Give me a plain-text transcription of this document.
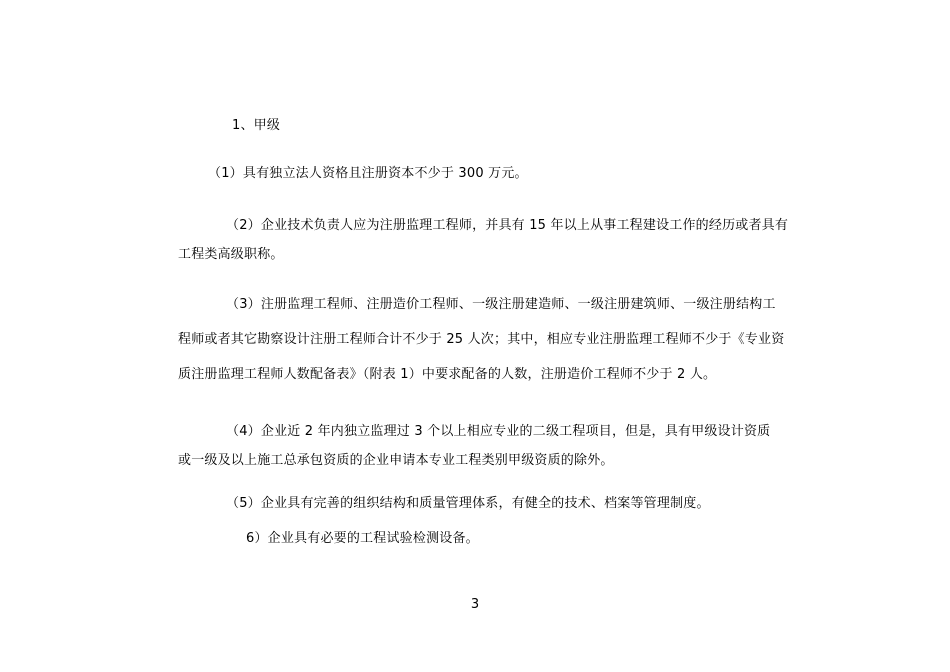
1、甲级
（1）具有独立法人资格且注册资本不少于 300 万元。
（2）企业技术负责人应为注册监理工程师，并具有 15 年以上从事工程建设工作的经历或者具有
工程类高级职称。
（3）注册监理工程师、注册造价工程师、一级注册建造师、一级注册建筑师、一级注册结构工
程师或者其它勘察设计注册工程师合计不少于 25 人次；其中，相应专业注册监理工程师不少于《专业资
质注册监理工程师人数配备表》（附表 1）中要求配备的人数，注册造价工程师不少于 2 人。
（4）企业近 2 年内独立监理过 3 个以上相应专业的二级工程项目，但是，具有甲级设计资质
或一级及以上施工总承包资质的企业申请本专业工程类别甲级资质的除外。
（5）企业具有完善的组织结构和质量管理体系，有健全的技术、档案等管理制度。
6）企业具有必要的工程试验检测设备。
3
